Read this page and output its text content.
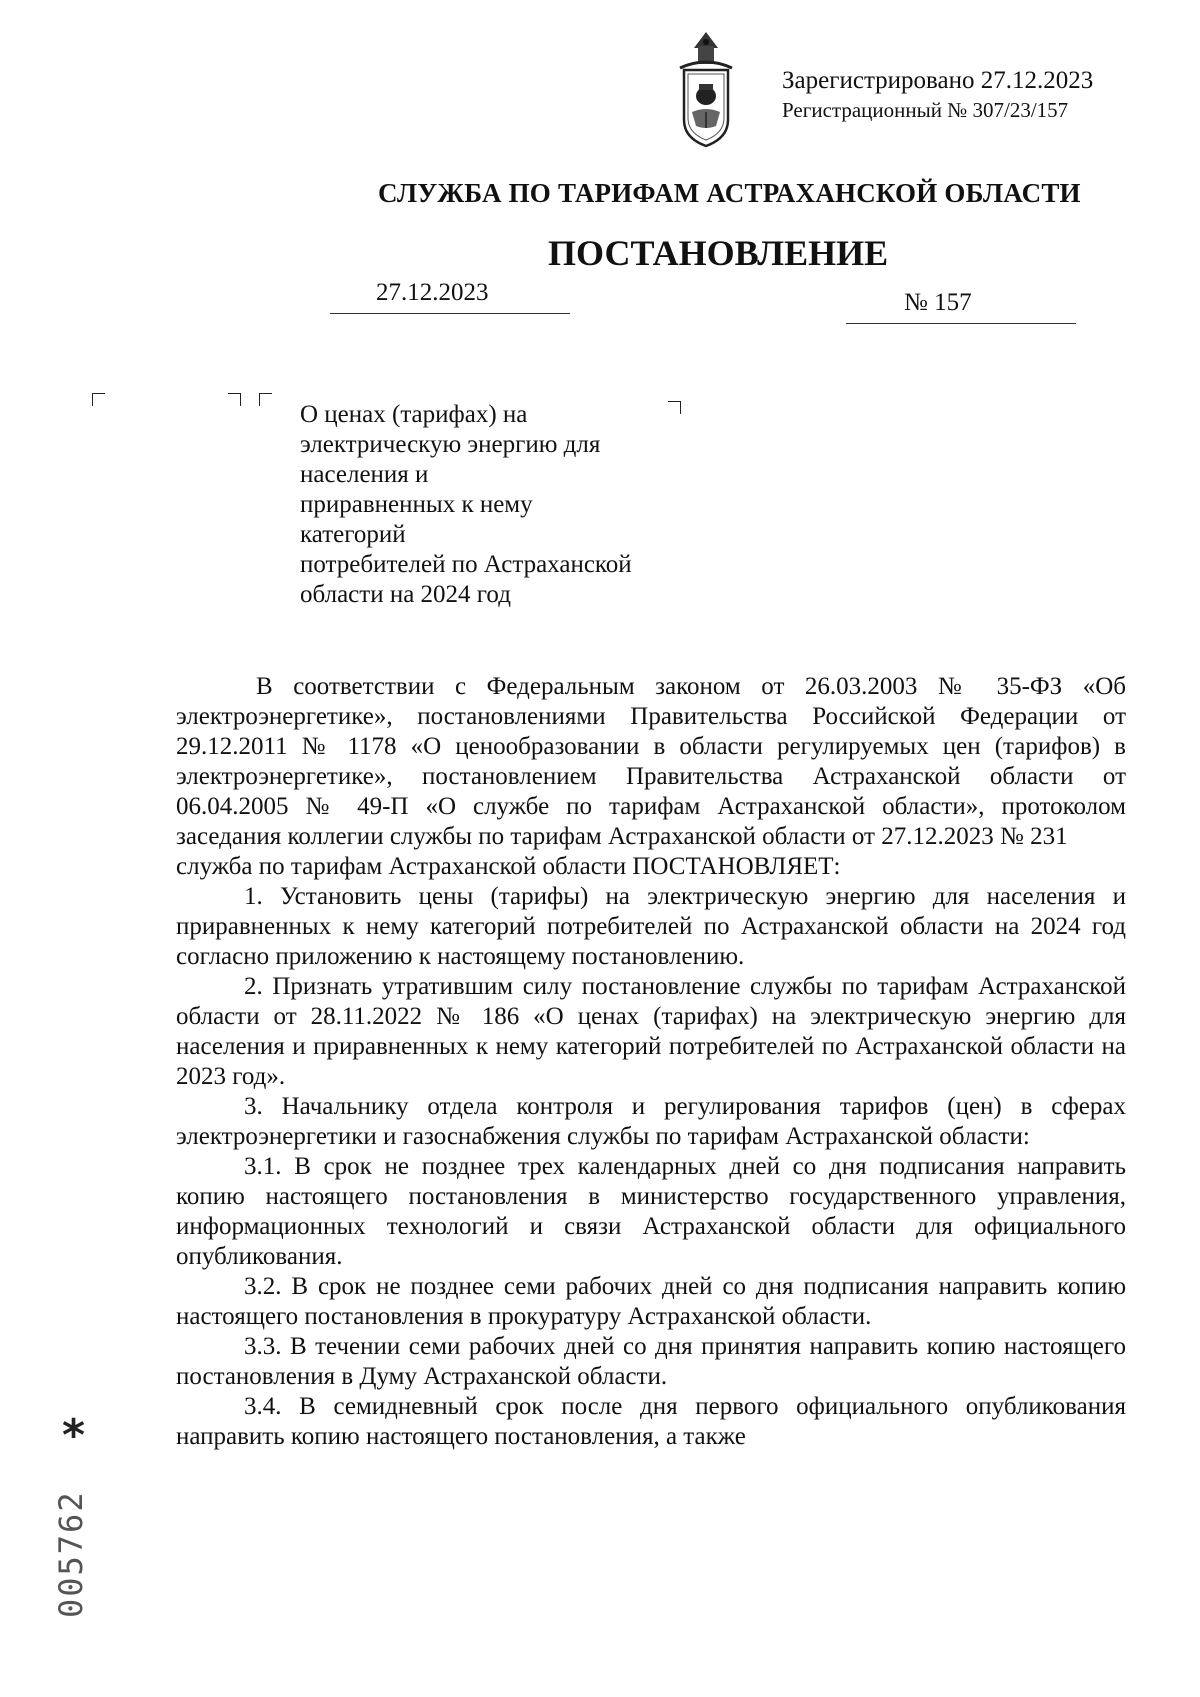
Зарегистрировано 27.12.2023
Регистрационный № 307/23/157
СЛУЖБА ПО ТАРИФАМ АСТРАХАНСКОЙ ОБЛАСТИ
ПОСТАНОВЛЕНИЕ
27.12.2023	№ 157
О ценах (тарифах) на
электрическую энергию для
населения и
приравненных к нему
категорий
потребителей по Астраханской
области на 2024 год

В соответствии с Федеральным законом от 26.03.2003 № 35-ФЗ «Об электроэнергетике», постановлениями Правительства Российской Федерации от 29.12.2011 № 1178 «О ценообразовании в области регулируемых цен (тарифов) в электроэнергетике», постановлением Правительства Астраханской области от 06.04.2005 № 49-П «О службе по тарифам Астраханской области», протоколом заседания коллегии службы по тарифам Астраханской области от 27.12.2023 № 231

служба по тарифам Астраханской области ПОСТАНОВЛЯЕТ:

1. Установить цены (тарифы) на электрическую энергию для населения и приравненных к нему категорий потребителей по Астраханской области на 2024 год согласно приложению к настоящему постановлению.

2. Признать утратившим силу постановление службы по тарифам Астраханской области от 28.11.2022 № 186 «О ценах (тарифах) на электрическую энергию для населения и приравненных к нему категорий потребителей по Астраханской области на 2023 год».

3. Начальнику отдела контроля и регулирования тарифов (цен) в сферах электроэнергетики и газоснабжения службы по тарифам Астраханской области:

3.1. В срок не позднее трех календарных дней со дня подписания направить копию настоящего постановления в министерство государственного управления, информационных технологий и связи Астраханской области для официального опубликования.

3.2. В срок не позднее семи рабочих дней со дня подписания направить копию настоящего постановления в прокуратуру Астраханской области.

3.3. В течении семи рабочих дней со дня принятия направить копию настоящего постановления в Думу Астраханской области.

3.4. В семидневный срок после дня первого официального опубликования направить копию настоящего постановления, а также

*
005762
